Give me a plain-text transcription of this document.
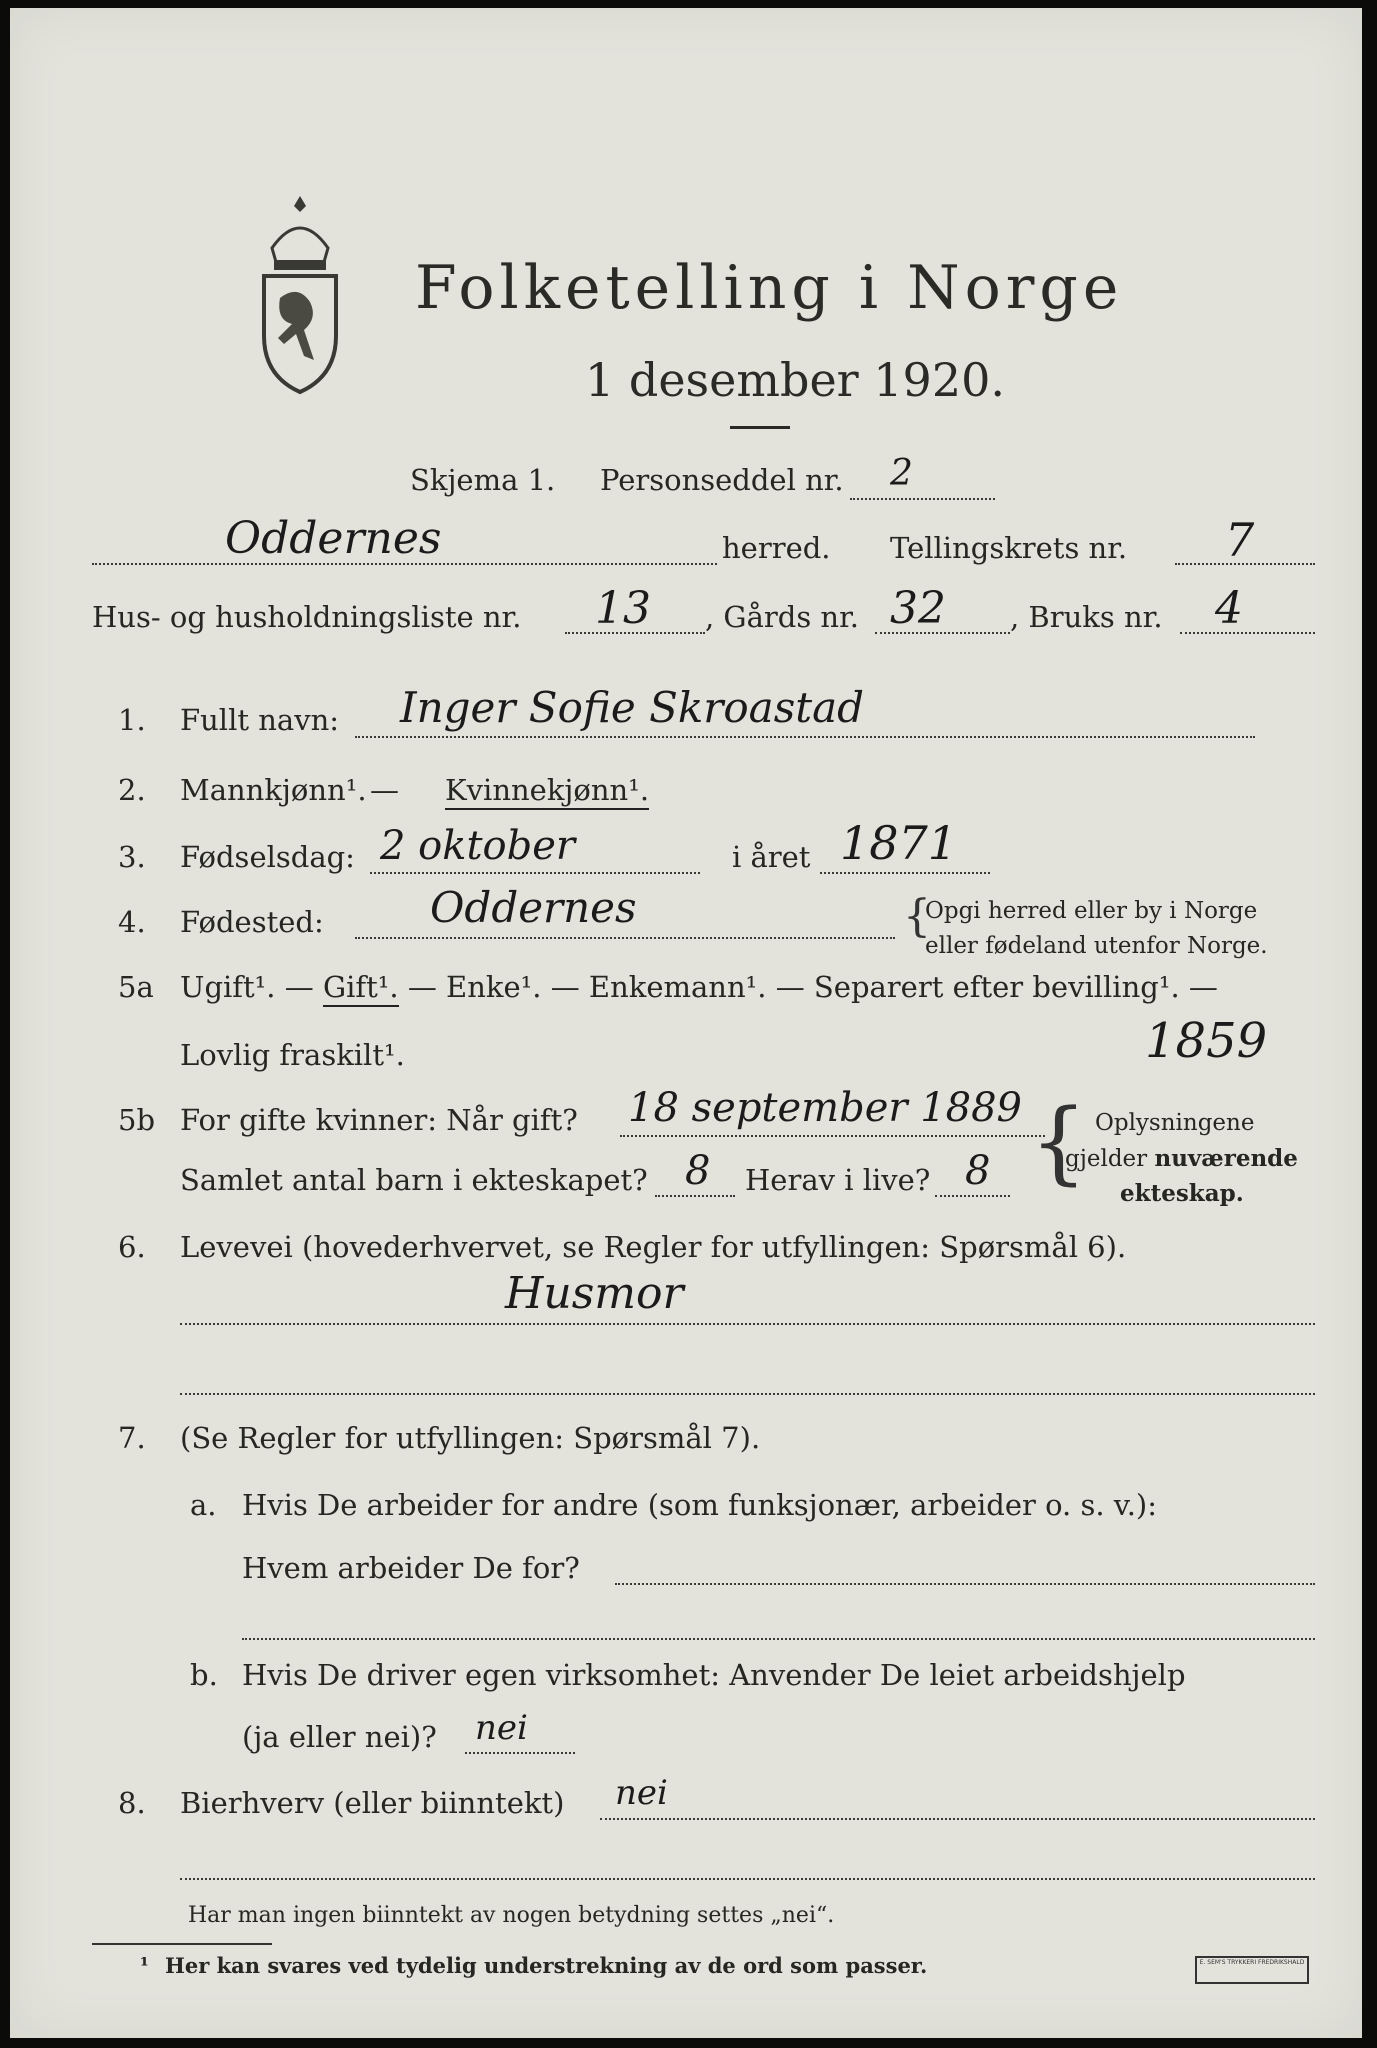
Folketelling i Norge
1 desember 1920.
Skjema 1. Personseddel nr. 2
Oddernes	herred. Tellingskrets nr. 7
Hus- og husholdningsliste nr. 13 , Gårds nr. 32 , Bruks nr. 4
1. Fullt navn: Inger Sofie Skroastad
2. Mannkjønn¹. — Kvinnekjønn¹.
3. Fødselsdag: 2 oktober	i året 1871
4. Fødested:	Oddernes	{
Opgi herred eller by i Norge
eller fødeland utenfor Norge.
5a Ugift¹. — Gift¹. — Enke¹. — Enkemann¹. — Separert efter bevilling¹. —
Lovlig fraskilt¹.	1859
5b For gifte kvinner: Når gift? 18 september 1889
Samlet antal barn i ekteskapet? 8 Herav i live? 8 { Oplysningene
gjelder nuværende
ekteskap.
6. Levevei (hovederhvervet, se Regler for utfyllingen: Spørsmål 6).
Husmor
7. (Se Regler for utfyllingen: Spørsmål 7).
a. Hvis De arbeider for andre (som funksjonær, arbeider o. s. v.):
Hvem arbeider De for?
b. Hvis De driver egen virksomhet: Anvender De leiet arbeidshjelp
(ja eller nei)? nei
8. Bierhverv (eller biinntekt) nei
Har man ingen biinntekt av nogen betydning settes „nei“.
¹ Her kan svares ved tydelig understrekning av de ord som passer.	E. SEM'S TRYKKERI FREDRIKSHALD
